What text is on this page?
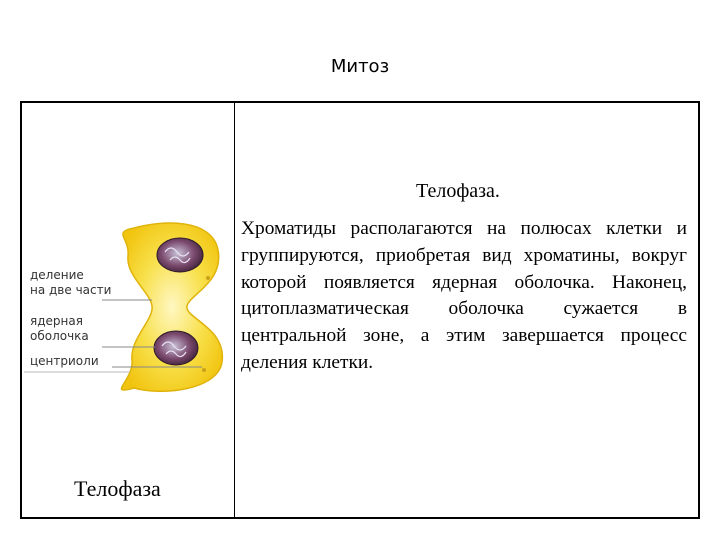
Митоз
деление
на две части
ядерная
оболочка
центриоли
Телофаза
Телофаза.

Хроматиды располагаются на полюсах клетки и группируются, приобретая вид хроматины, вокруг которой появляется ядерная оболочка. Наконец, цитоплазматическая оболочка сужается в центральной зоне, а этим завершается процесс деления клетки.
